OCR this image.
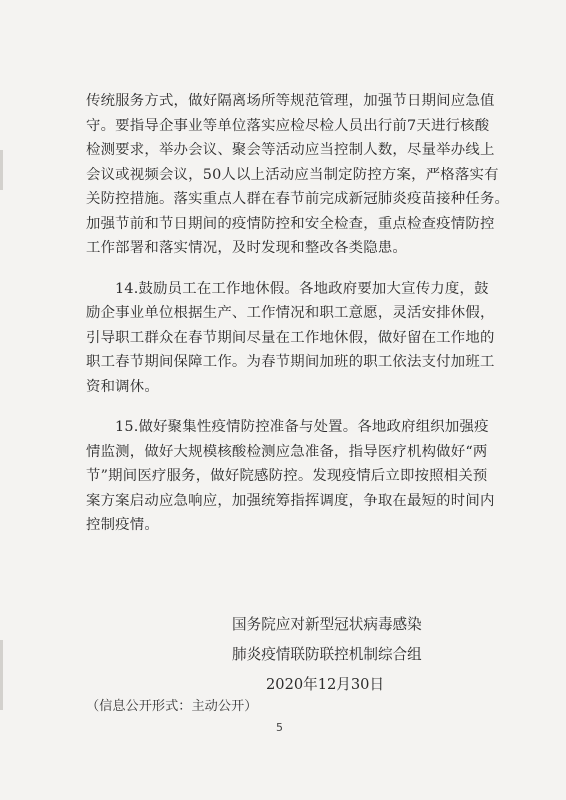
传统服务方式，做好隔离场所等规范管理，加强节日期间应急值
守。要指导企事业等单位落实应检尽检人员出行前7天进行核酸
检测要求，举办会议、聚会等活动应当控制人数，尽量举办线上
会议或视频会议，50人以上活动应当制定防控方案，严格落实有
关防控措施。落实重点人群在春节前完成新冠肺炎疫苗接种任务。
加强节前和节日期间的疫情防控和安全检查，重点检查疫情防控
工作部署和落实情况，及时发现和整改各类隐患。
14.鼓励员工在工作地休假。各地政府要加大宣传力度，鼓
励企事业单位根据生产、工作情况和职工意愿，灵活安排休假，
引导职工群众在春节期间尽量在工作地休假，做好留在工作地的
职工春节期间保障工作。为春节期间加班的职工依法支付加班工
资和调休。
15.做好聚集性疫情防控准备与处置。各地政府组织加强疫
情监测，做好大规模核酸检测应急准备，指导医疗机构做好“两
节”期间医疗服务，做好院感防控。发现疫情后立即按照相关预
案方案启动应急响应，加强统筹指挥调度，争取在最短的时间内
控制疫情。
国务院应对新型冠状病毒感染
肺炎疫情联防联控机制综合组
2020年12月30日
（信息公开形式：主动公开）
5
